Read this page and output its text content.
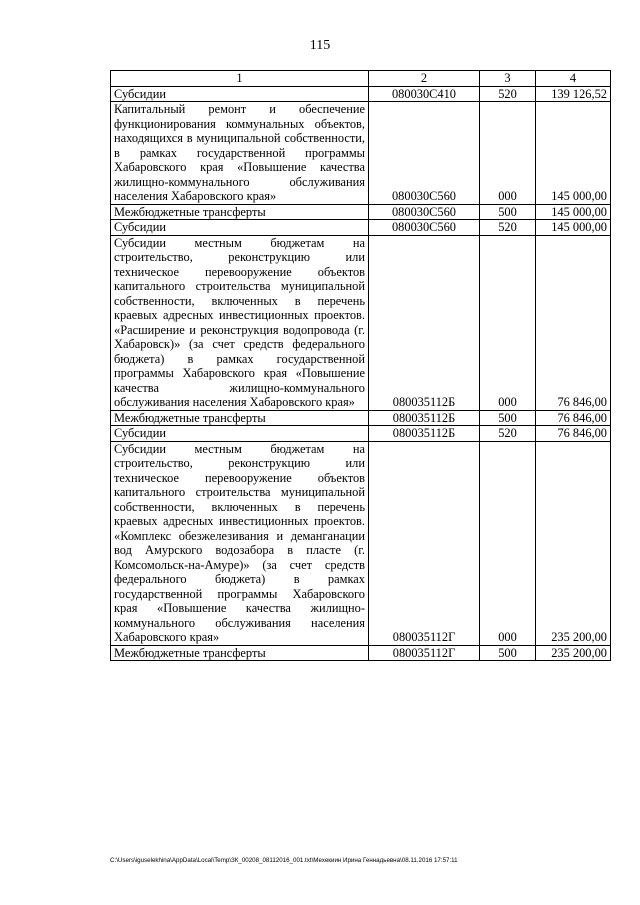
115
1	2	3	4
Субсидии	080030С410	520	139 126,52
Капитальный ремонт и обеспечение функционирования коммунальных объектов, находящихся в муниципальной собственности, в рамках государственной программы Хабаровского края «Повышение качества жилищно-коммунального обслуживания населения Хабаровского края»	080030С560	000	145 000,00
Межбюджетные трансферты	080030С560	500	145 000,00
Субсидии	080030С560	520	145 000,00
Субсидии местным бюджетам на строительство, реконструкцию или техническое перевооружение объектов капитального строительства муниципальной собственности, включенных в перечень краевых адресных инвестиционных проектов. «Расширение и реконструкция водопровода (г. Хабаровск)» (за счет средств федерального бюджета) в рамках государственной программы Хабаровского края «Повышение качества жилищно-коммунального обслуживания населения Хабаровского края»	080035112Б	000	76 846,00
Межбюджетные трансферты	080035112Б	500	76 846,00
Субсидии	080035112Б	520	76 846,00
Субсидии местным бюджетам на строительство, реконструкцию или техническое перевооружение объектов капитального строительства муниципальной собственности, включенных в перечень краевых адресных инвестиционных проектов. «Комплекс обезжелезивания и деманганации вод Амурского водозабора в пласте (г. Комсомольск-на-Амуре)» (за счет средств федерального бюджета) в рамках государственной программы Хабаровского края «Повышение качества жилищно-коммунального обслуживания населения Хабаровского края»	080035112Г	000	235 200,00
Межбюджетные трансферты	080035112Г	500	235 200,00
C:\Users\iguselekhina\AppData\Local\Temp\ЗК_00208_08112016_001.txt\Мехекиин Ирина Геннадьевна\08.11.2016 17:57:11
